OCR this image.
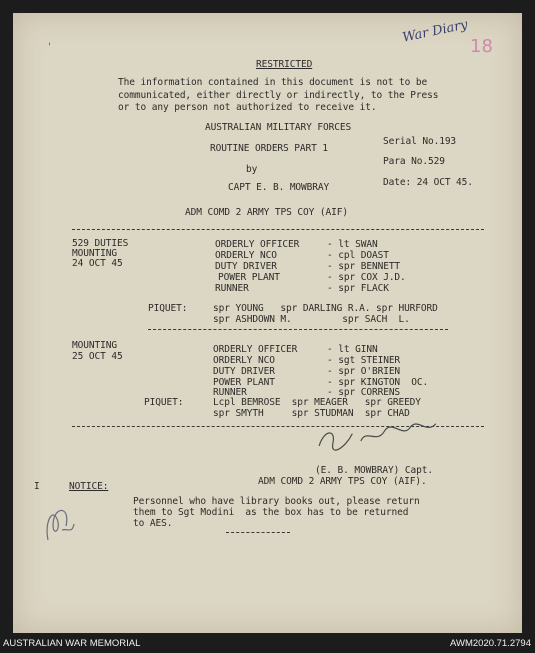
War Diary
18
'
RESTRICTED
The information contained in this document is not to be
communicated, either directly or indirectly, to the Press
or to any person not authorized to receive it.
AUSTRALIAN MILITARY FORCES
ROUTINE ORDERS PART 1
by
CAPT E. B. MOWBRAY
ADM COMD 2 ARMY TPS COY (AIF)
Serial No.193
Para No.529
Date: 24 OCT 45.
529 DUTIES
MOUNTING
24 OCT 45
ORDERLY OFFICER	- lt SWAN
ORDERLY NCO	- cpl DOAST
DUTY DRIVER	- spr BENNETT
POWER PLANT	- spr COX J.D.
RUNNER	- spr FLACK
PIQUET:	spr YOUNG   spr DARLING R.A. spr HURFORD
spr ASHDOWN M.         spr SACH  L.
MOUNTING
25 OCT 45
ORDERLY OFFICER	- lt GINN
ORDERLY NCO	- sgt STEINER
DUTY DRIVER	- spr O'BRIEN
POWER PLANT	- spr KINGTON  OC.
RUNNER	- spr CORRENS
PIQUET:	Lcpl BEMROSE  spr MEAGER   spr GREEDY
spr SMYTH     spr STUDMAN  spr CHAD
(E. B. MOWBRAY) Capt.
ADM COMD 2 ARMY TPS COY (AIF).
I	NOTICE:
Personnel who have library books out, please return
them to Sgt Modini  as the box has to be returned
to AES.
AUSTRALIAN WAR MEMORIAL	AWM2020.71.2794
